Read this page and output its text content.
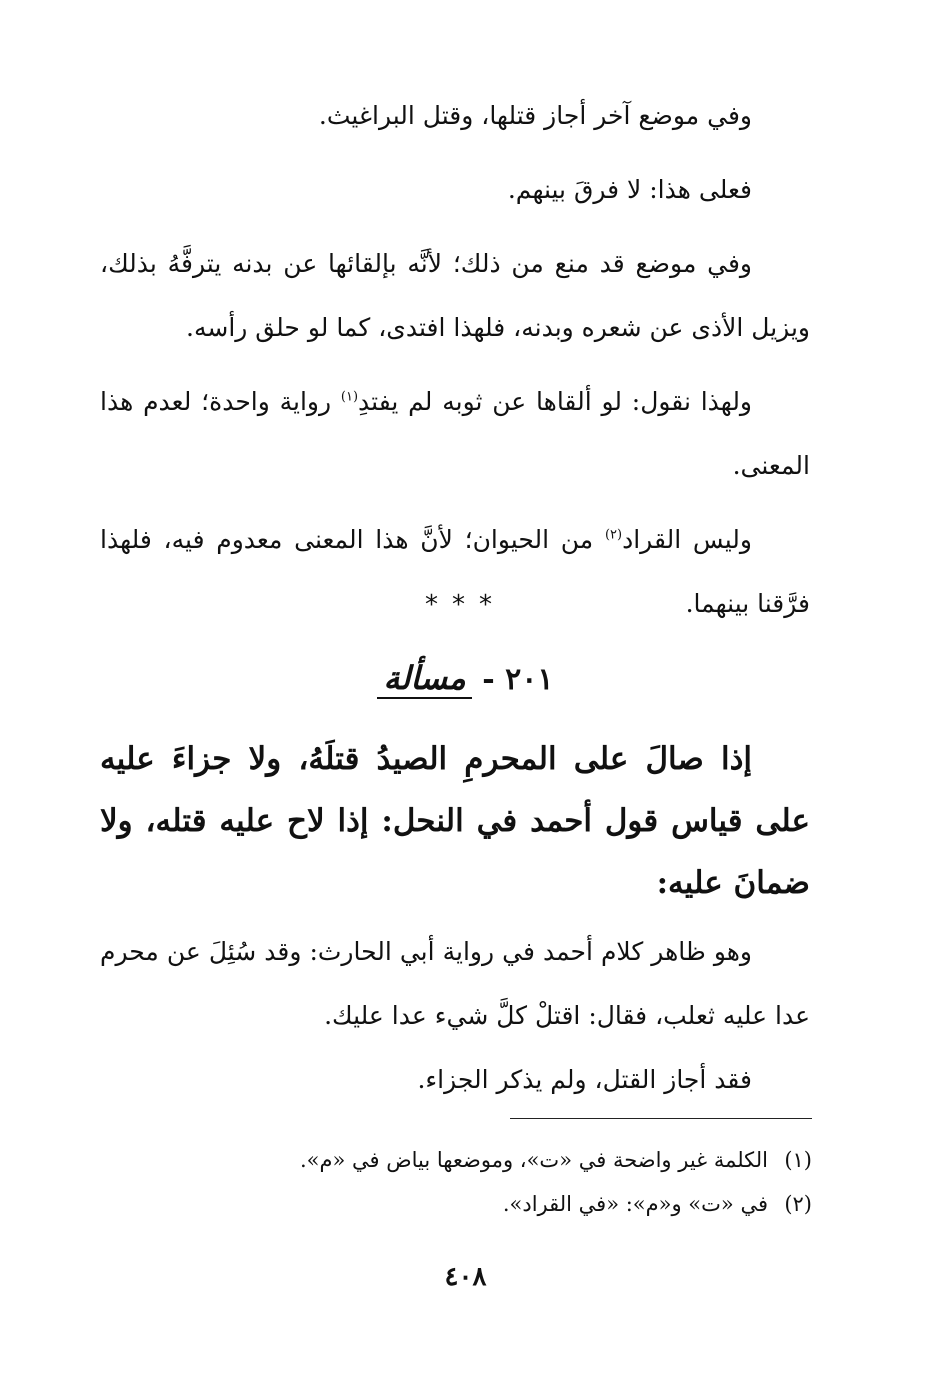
وفي موضع آخر أجاز قتلها، وقتل البراغيث.

فعلى هذا: لا فرقَ بينهم.

وفي موضع قد منع من ذلك؛ لأنَّه بإلقائها عن بدنه يترفَّهُ بذلك، ويزيل الأذى عن شعره وبدنه، فلهذا افتدى، كما لو حلق رأسه.

ولهذا نقول: لو ألقاها عن ثوبه لم يفتدِ$^{(١)}$ رواية واحدة؛ لعدم هذا المعنى.

وليس القراد$^{(٢)}$ من الحيوان؛ لأنَّ هذا المعنى معدوم فيه، فلهذا فرَّقنا بينهما.

***
٢٠١ - مسألة
إذا صالَ على المحرمِ الصيدُ قتلَهُ، ولا جزاءَ عليه على قياس قول أحمد في النحل: إذا لاح عليه قتله، ولا ضمانَ عليه:

وهو ظاهر كلام أحمد في رواية أبي الحارث: وقد سُئِلَ عن محرم عدا عليه ثعلب، فقال: اقتلْ كلَّ شيء عدا عليك.

فقد أجاز القتل، ولم يذكر الجزاء.

(١)الكلمة غير واضحة في «ت»، وموضعها بياض في «م».

(٢)في «ت» و«م»: «في القراد».

٤٠٨
